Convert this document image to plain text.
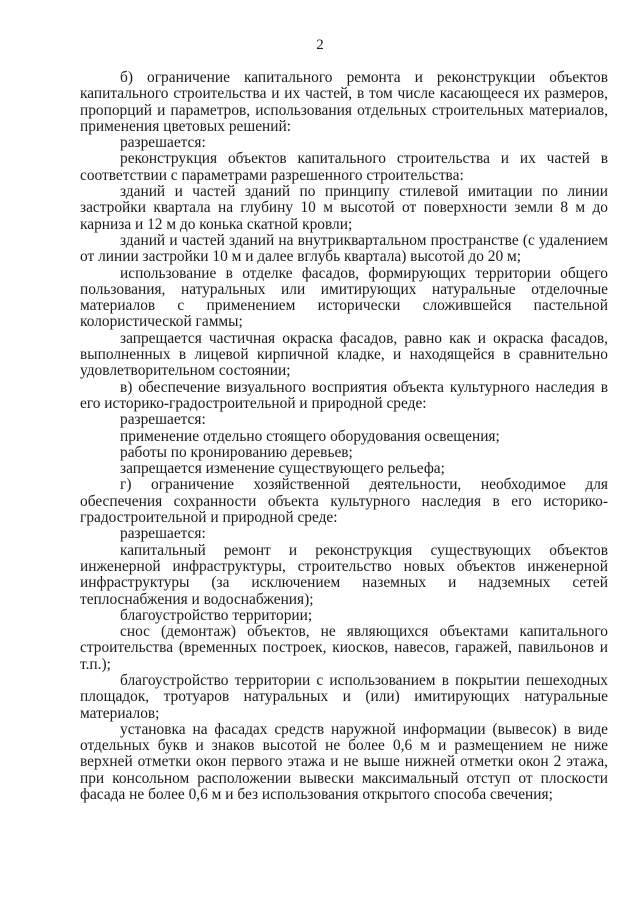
2

б) ограничение капитального ремонта и реконструкции объектов капитального строительства и их частей, в том числе касающееся их размеров, пропорций и параметров, использования отдельных строительных материалов, применения цветовых решений:

разрешается:

реконструкция объектов капитального строительства и их частей в соответствии с параметрами разрешенного строительства:

зданий и частей зданий по принципу стилевой имитации по линии застройки квартала на глубину 10 м высотой от поверхности земли 8 м до карниза и 12 м до конька скатной кровли;

зданий и частей зданий на внутриквартальном пространстве (с удалением от линии застройки 10 м и далее вглубь квартала) высотой до 20 м;

использование в отделке фасадов, формирующих территории общего пользования, натуральных или имитирующих натуральные отделочные материалов с применением исторически сложившейся пастельной колористической гаммы;

запрещается частичная окраска фасадов, равно как и окраска фасадов, выполненных в лицевой кирпичной кладке, и находящейся в сравнительно удовлетворительном состоянии;

в) обеспечение визуального восприятия объекта культурного наследия в его историко-градостроительной и природной среде:

разрешается:

применение отдельно стоящего оборудования освещения;

работы по кронированию деревьев;

запрещается изменение существующего рельефа;

г) ограничение хозяйственной деятельности, необходимое для обеспечения сохранности объекта культурного наследия в его историко-градостроительной и природной среде:

разрешается:

капитальный ремонт и реконструкция существующих объектов инженерной инфраструктуры, строительство новых объектов инженерной инфраструктуры (за исключением наземных и надземных сетей теплоснабжения и водоснабжения);

благоустройство территории;

снос (демонтаж) объектов, не являющихся объектами капитального строительства (временных построек, киосков, навесов, гаражей, павильонов и т.п.);

благоустройство территории с использованием в покрытии пешеходных площадок, тротуаров натуральных и (или) имитирующих натуральные материалов;

установка на фасадах средств наружной информации (вывесок) в виде отдельных букв и знаков высотой не более 0,6 м и размещением не ниже верхней отметки окон первого этажа и не выше нижней отметки окон 2 этажа, при консольном расположении вывески максимальный отступ от плоскости фасада не более 0,6 м и без использования открытого способа свечения;
